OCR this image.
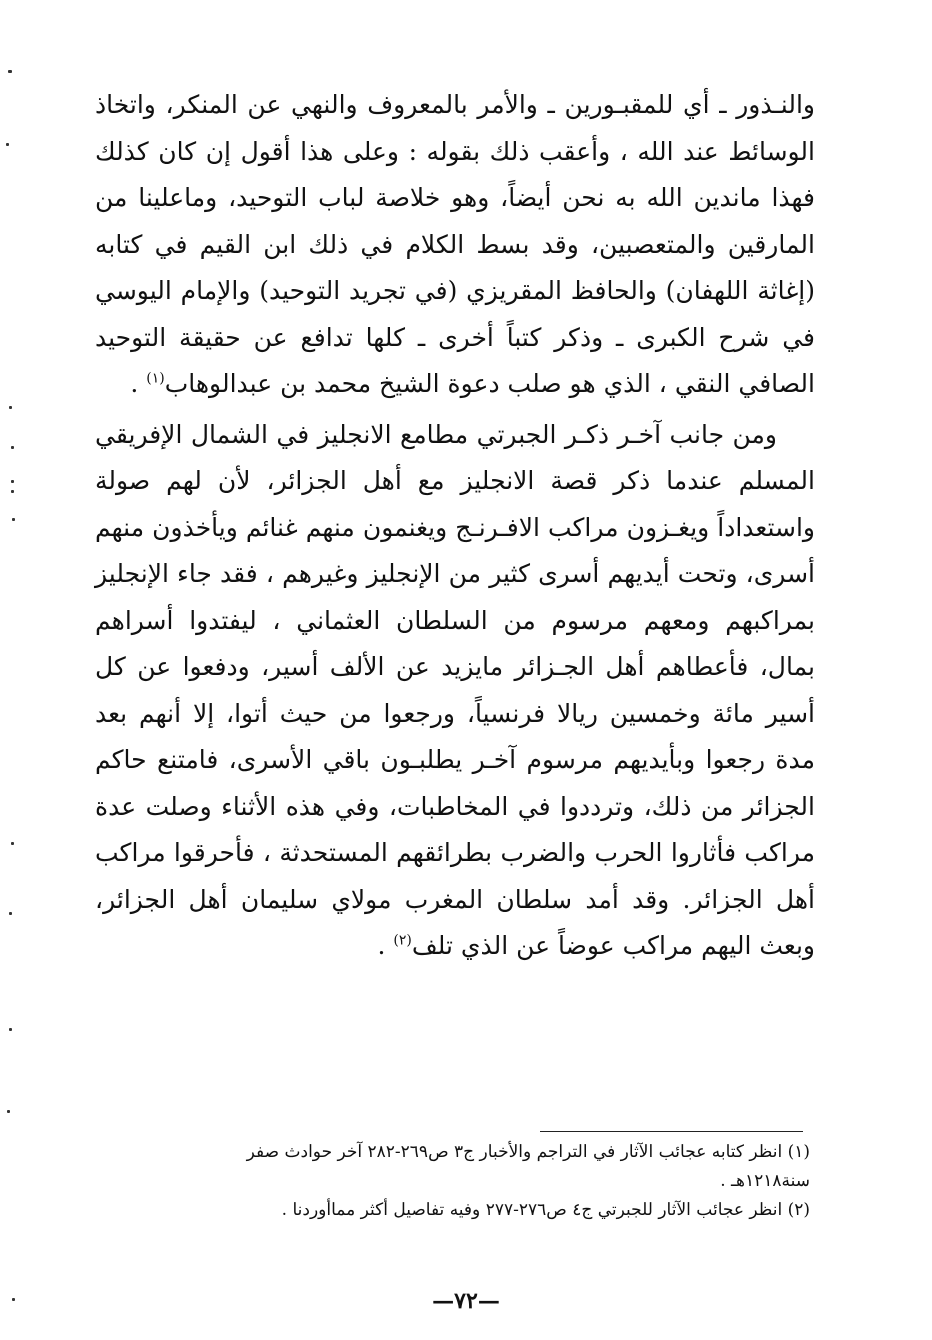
والنـذور ـ أي للمقبـورين ـ والأمر بالمعروف والنهي عن المنكر، واتخاذ الوسائط عند الله ، وأعقب ذلك بقوله : وعلى هذا أقول إن كان كذلك فهذا ماندين الله به نحن أيضاً، وهو خلاصة لباب التوحيد، وماعلينا من المارقين والمتعصبين، وقد بسط الكلام في ذلك ابن القيم في كتابه (إغاثة اللهفان) والحافظ المقريزي (في تجريد التوحيد) والإمام اليوسي في شرح الكبرى ـ وذكر كتباً أخرى ـ كلها تدافع عن حقيقة التوحيد الصافي النقي ، الذي هو صلب دعوة الشيخ محمد بن عبدالوهاب$^{(١)}$ .

ومن جانب آخـر ذكـر الجبرتي مطامع الانجليز في الشمال الإفريقي المسلم عندما ذكر قصة الانجليز مع أهل الجزائر، لأن لهم صولة واستعداداً ويغـزون مراكب الافـرنـج ويغنمون منهم غنائم ويأخذون منهم أسرى، وتحت أيديهم أسرى كثير من الإنجليز وغيرهم ، فقد جاء الإنجليز بمراكبهم ومعهم مرسوم من السلطان العثماني ، ليفتدوا أسراهم بمال، فأعطاهم أهل الجـزائر مايزيد عن الألف أسير، ودفعوا عن كل أسير مائة وخمسين ريالا فرنسياً، ورجعوا من حيث أتوا، إلا أنهم بعد مدة رجعوا وبأيديهم مرسوم آخـر يطلبـون باقي الأسرى، فامتنع حاكم الجزائر من ذلك، وترددوا في المخاطبات، وفي هذه الأثناء وصلت عدة مراكب فأثاروا الحرب والضرب بطرائقهم المستحدثة ، فأحرقوا مراكب أهل الجزائر. وقد أمد سلطان المغرب مولاي سليمان أهل الجزائر، وبعث اليهم مراكب عوضاً عن الذي تلف$^{(٢)}$ .

(١) انظر كتابه عجائب الآثار في التراجم والأخبار ج٣ ص٢٦٩-٢٨٢ آخر حوادث صفر
سنة١٢١٨هـ .

(٢) انظر عجائب الآثار للجبرتي ج٤ ص٢٧٦-٢٧٧ وفيه تفاصيل أكثر مماأوردنا .

—٧٢—
